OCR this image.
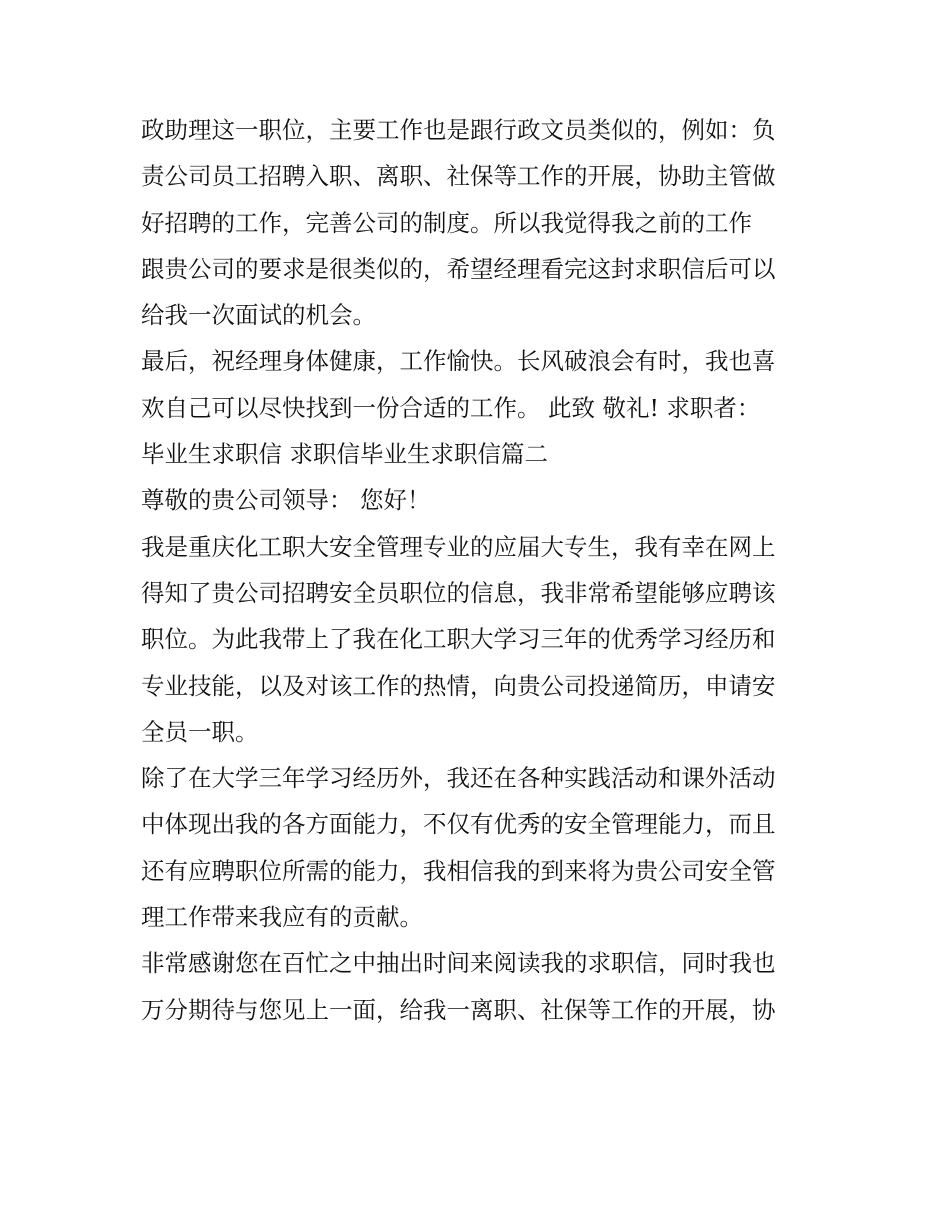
政助理这一职位，主要工作也是跟行政文员类似的，例如：负
责公司员工招聘入职、离职、社保等工作的开展，协助主管做
好招聘的工作，完善公司的制度。所以我觉得我之前的工作
跟贵公司的要求是很类似的，希望经理看完这封求职信后可以
给我一次面试的机会。
最后，祝经理身体健康，工作愉快。长风破浪会有时，我也喜
欢自己可以尽快找到一份合适的工作。 此致 敬礼! 求职者：
毕业生求职信 求职信毕业生求职信篇二
尊敬的贵公司领导： 您好！
我是重庆化工职大安全管理专业的应届大专生，我有幸在网上
得知了贵公司招聘安全员职位的信息，我非常希望能够应聘该
职位。为此我带上了我在化工职大学习三年的优秀学习经历和
专业技能，以及对该工作的热情，向贵公司投递简历，申请安
全员一职。
除了在大学三年学习经历外，我还在各种实践活动和课外活动
中体现出我的各方面能力，不仅有优秀的安全管理能力，而且
还有应聘职位所需的能力，我相信我的到来将为贵公司安全管
理工作带来我应有的贡献。
非常感谢您在百忙之中抽出时间来阅读我的求职信，同时我也
万分期待与您见上一面，给我一离职、社保等工作的开展，协
